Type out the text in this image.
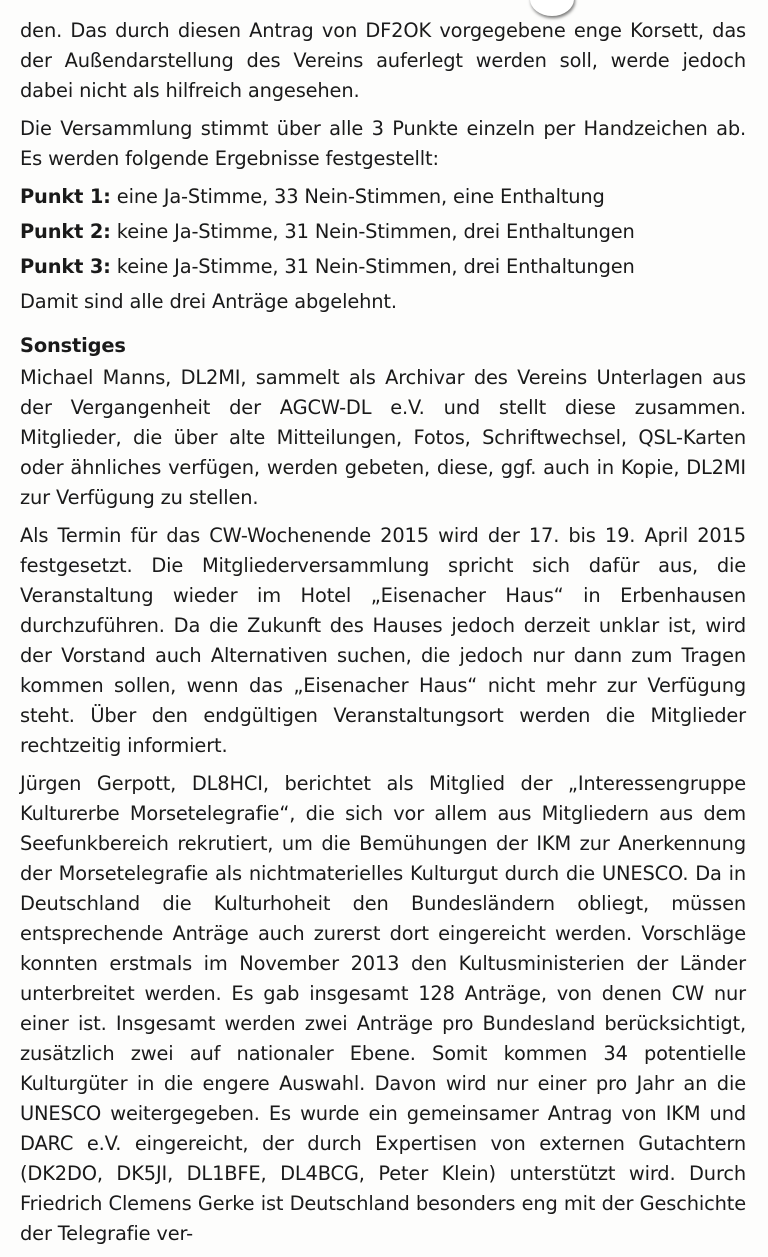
den. Das durch diesen Antrag von DF2OK vorgegebene enge Korsett, das der Außendarstellung des Vereins auferlegt werden soll, werde jedoch dabei nicht als hilfreich angesehen.

Die Versammlung stimmt über alle 3 Punkte einzeln per Handzeichen ab. Es werden folgende Ergebnisse festgestellt:

Punkt 1: eine Ja-Stimme, 33 Nein-Stimmen, eine Enthaltung

Punkt 2: keine Ja-Stimme, 31 Nein-Stimmen, drei Enthaltungen

Punkt 3: keine Ja-Stimme, 31 Nein-Stimmen, drei Enthaltungen

Damit sind alle drei Anträge abgelehnt.

Sonstiges

Michael Manns, DL2MI, sammelt als Archivar des Vereins Unterlagen aus der Vergangenheit der AGCW-DL e.V. und stellt diese zusammen. Mitglieder, die über alte Mitteilungen, Fotos, Schriftwechsel, QSL-Karten oder ähnliches verfügen, werden gebeten, diese, ggf. auch in Kopie, DL2MI zur Verfügung zu stellen.

Als Termin für das CW-Wochenende 2015 wird der 17. bis 19. April 2015 festgesetzt. Die Mitgliederversammlung spricht sich dafür aus, die Veranstaltung wieder im Hotel „Eisenacher Haus“ in Erbenhausen durchzuführen. Da die Zukunft des Hauses jedoch derzeit unklar ist, wird der Vorstand auch Alternativen suchen, die jedoch nur dann zum Tragen kommen sollen, wenn das „Eisenacher Haus“ nicht mehr zur Verfügung steht. Über den endgültigen Veranstaltungsort werden die Mitglieder rechtzeitig informiert.

Jürgen Gerpott, DL8HCI, berichtet als Mitglied der „Interessengruppe Kulturerbe Morsetelegrafie“, die sich vor allem aus Mitgliedern aus dem Seefunkbereich rekrutiert, um die Bemühungen der IKM zur Anerkennung der Morsetelegrafie als nichtmaterielles Kulturgut durch die UNESCO. Da in Deutschland die Kulturhoheit den Bundesländern obliegt, müssen entsprechende Anträge auch zurerst dort eingereicht werden. Vorschläge konnten erstmals im November 2013 den Kultusministerien der Länder unterbreitet werden. Es gab insgesamt 128 Anträge, von denen CW nur einer ist. Insgesamt werden zwei Anträge pro Bundesland berücksichtigt, zusätzlich zwei auf nationaler Ebene. Somit kommen 34 potentielle Kulturgüter in die engere Auswahl. Davon wird nur einer pro Jahr an die UNESCO weitergegeben. Es wurde ein gemeinsamer Antrag von IKM und DARC e.V. eingereicht, der durch Expertisen von externen Gutachtern (DK2DO, DK5JI, DL1BFE, DL4BCG, Peter Klein) unterstützt wird. Durch Friedrich Clemens Gerke ist Deutschland besonders eng mit der Geschichte der Telegrafie ver-
